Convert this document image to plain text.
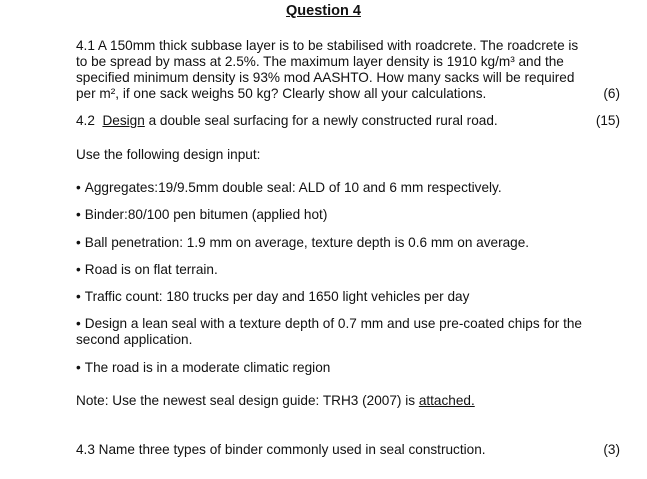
Question 4

4.1 A 150mm thick subbase layer is to be stabilised with roadcrete. The roadcrete is

to be spread by mass at 2.5%. The maximum layer density is 1910 kg/m³ and the

specified minimum density is 93% mod AASHTO. How many sacks will be required

per m², if one sack weighs 50 kg? Clearly show all your calculations.	(6)
4.2 Design a double seal surfacing for a newly constructed rural road.	(15)
Use the following design input:
• Aggregates:19/9.5mm double seal: ALD of 10 and 6 mm respectively.
• Binder:80/100 pen bitumen (applied hot)
• Ball penetration: 1.9 mm on average, texture depth is 0.6 mm on average.
• Road is on flat terrain.
• Traffic count: 180 trucks per day and 1650 light vehicles per day
• Design a lean seal with a texture depth of 0.7 mm and use pre-coated chips for the
second application.
• The road is in a moderate climatic region
Note: Use the newest seal design guide: TRH3 (2007) is attached.
4.3 Name three types of binder commonly used in seal construction.	(3)
